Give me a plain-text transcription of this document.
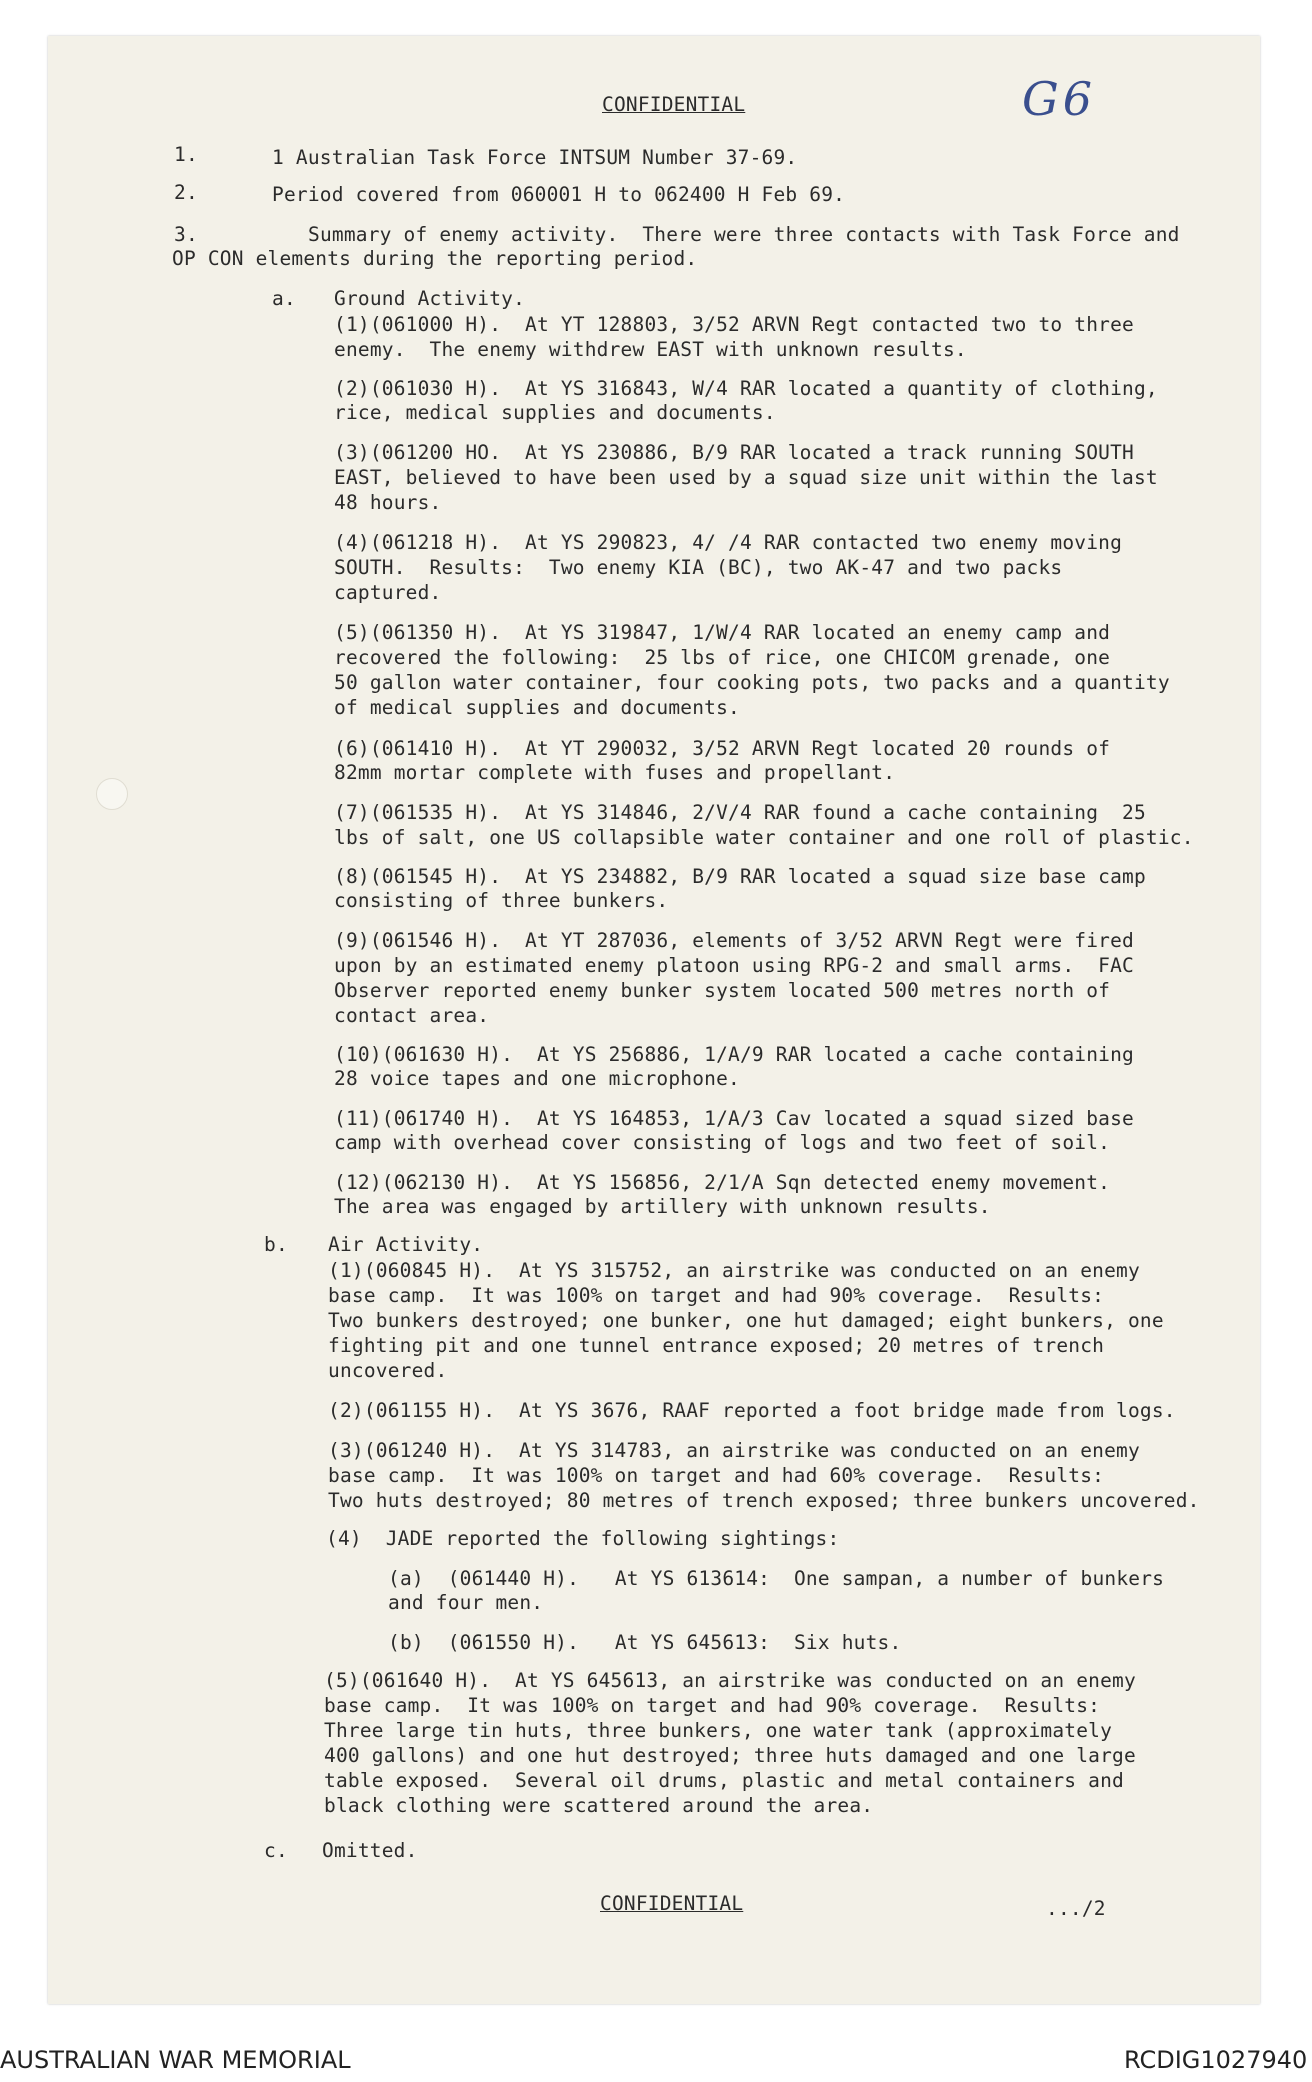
CONFIDENTIAL	G6
1.	1 Australian Task Force INTSUM Number 37-69.
2.	Period covered from 060001 H to 062400 H Feb 69.
3.	Summary of enemy activity.  There were three contacts with Task Force and
OP CON elements during the reporting period.
a. Ground Activity.
(1)(061000 H).  At YT 128803, 3/52 ARVN Regt contacted two to three
enemy.  The enemy withdrew EAST with unknown results.
(2)(061030 H).  At YS 316843, W/4 RAR located a quantity of clothing,
rice, medical supplies and documents.
(3)(061200 HO.  At YS 230886, B/9 RAR located a track running SOUTH
EAST, believed to have been used by a squad size unit within the last
48 hours.
(4)(061218 H).  At YS 290823, 4/ /4 RAR contacted two enemy moving
SOUTH.  Results:  Two enemy KIA (BC), two AK-47 and two packs
captured.
(5)(061350 H).  At YS 319847, 1/W/4 RAR located an enemy camp and
recovered the following:  25 lbs of rice, one CHICOM grenade, one
50 gallon water container, four cooking pots, two packs and a quantity
of medical supplies and documents.
(6)(061410 H).  At YT 290032, 3/52 ARVN Regt located 20 rounds of
82mm mortar complete with fuses and propellant.
(7)(061535 H).  At YS 314846, 2/V/4 RAR found a cache containing  25
lbs of salt, one US collapsible water container and one roll of plastic.
(8)(061545 H).  At YS 234882, B/9 RAR located a squad size base camp
consisting of three bunkers.
(9)(061546 H).  At YT 287036, elements of 3/52 ARVN Regt were fired
upon by an estimated enemy platoon using RPG-2 and small arms.  FAC
Observer reported enemy bunker system located 500 metres north of
contact area.
(10)(061630 H).  At YS 256886, 1/A/9 RAR located a cache containing
28 voice tapes and one microphone.
(11)(061740 H).  At YS 164853, 1/A/3 Cav located a squad sized base
camp with overhead cover consisting of logs and two feet of soil.
(12)(062130 H).  At YS 156856, 2/1/A Sqn detected enemy movement.
The area was engaged by artillery with unknown results.
b. Air Activity.
(1)(060845 H).  At YS 315752, an airstrike was conducted on an enemy
base camp.  It was 100% on target and had 90% coverage.  Results:
Two bunkers destroyed; one bunker, one hut damaged; eight bunkers, one
fighting pit and one tunnel entrance exposed; 20 metres of trench
uncovered.
(2)(061155 H).  At YS 3676, RAAF reported a foot bridge made from logs.
(3)(061240 H).  At YS 314783, an airstrike was conducted on an enemy
base camp.  It was 100% on target and had 60% coverage.  Results:
Two huts destroyed; 80 metres of trench exposed; three bunkers uncovered.
(4)  JADE reported the following sightings:
(a)  (061440 H).   At YS 613614:  One sampan, a number of bunkers
and four men.
(b)  (061550 H).   At YS 645613:  Six huts.
(5)(061640 H).  At YS 645613, an airstrike was conducted on an enemy
base camp.  It was 100% on target and had 90% coverage.  Results:
Three large tin huts, three bunkers, one water tank (approximately
400 gallons) and one hut destroyed; three huts damaged and one large
table exposed.  Several oil drums, plastic and metal containers and
black clothing were scattered around the area.
c. Omitted.
CONFIDENTIAL	.../2
AUSTRALIAN WAR MEMORIAL	RCDIG1027940
